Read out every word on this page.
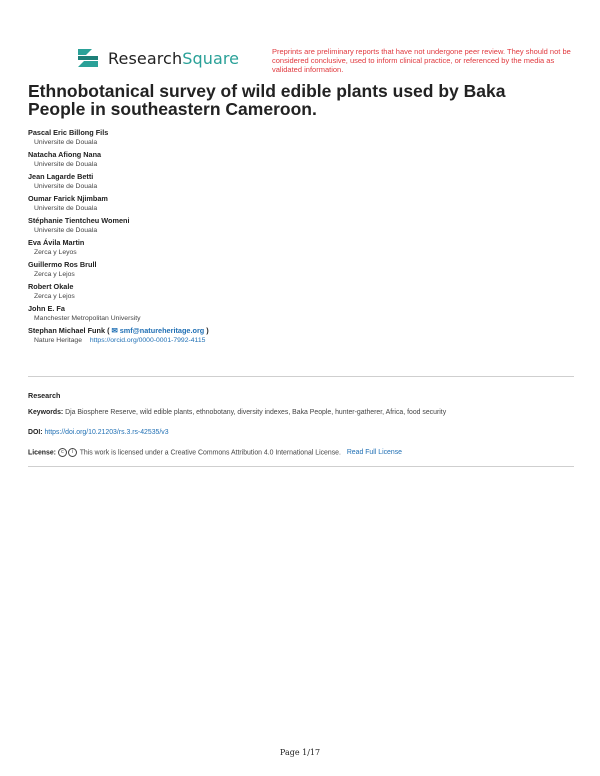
ResearchSquare	Preprints are preliminary reports that have not undergone peer review. They should not be considered conclusive, used to inform clinical practice, or referenced by the media as validated information.
Ethnobotanical survey of wild edible plants used by Baka People in southeastern Cameroon.
Pascal Eric Billong Fils
Universite de Douala
Natacha Afiong Nana
Universite de Douala
Jean Lagarde Betti
Universite de Douala
Oumar Farick Njimbam
Universite de Douala
Stéphanie Tientcheu Womeni
Universite de Douala
Eva Ávila Martin
Zerca y Leyos
Guillermo Ros Brull
Zerca y Lejos
Robert Okale
Zerca y Lejos
John E. Fa
Manchester Metropolitan University
Stephan Michael Funk ( ✉ smf@natureheritage.org )
Nature Heritage https://orcid.org/0000-0001-7992-4115
Research
Keywords: Dja Biosphere Reserve, wild edible plants, ethnobotany, diversity indexes, Baka People, hunter-gatherer, Africa, food security
DOI: https://doi.org/10.21203/rs.3.rs-42535/v3
License: c i This work is licensed under a Creative Commons Attribution 4.0 International License. Read Full License
Page 1/17
